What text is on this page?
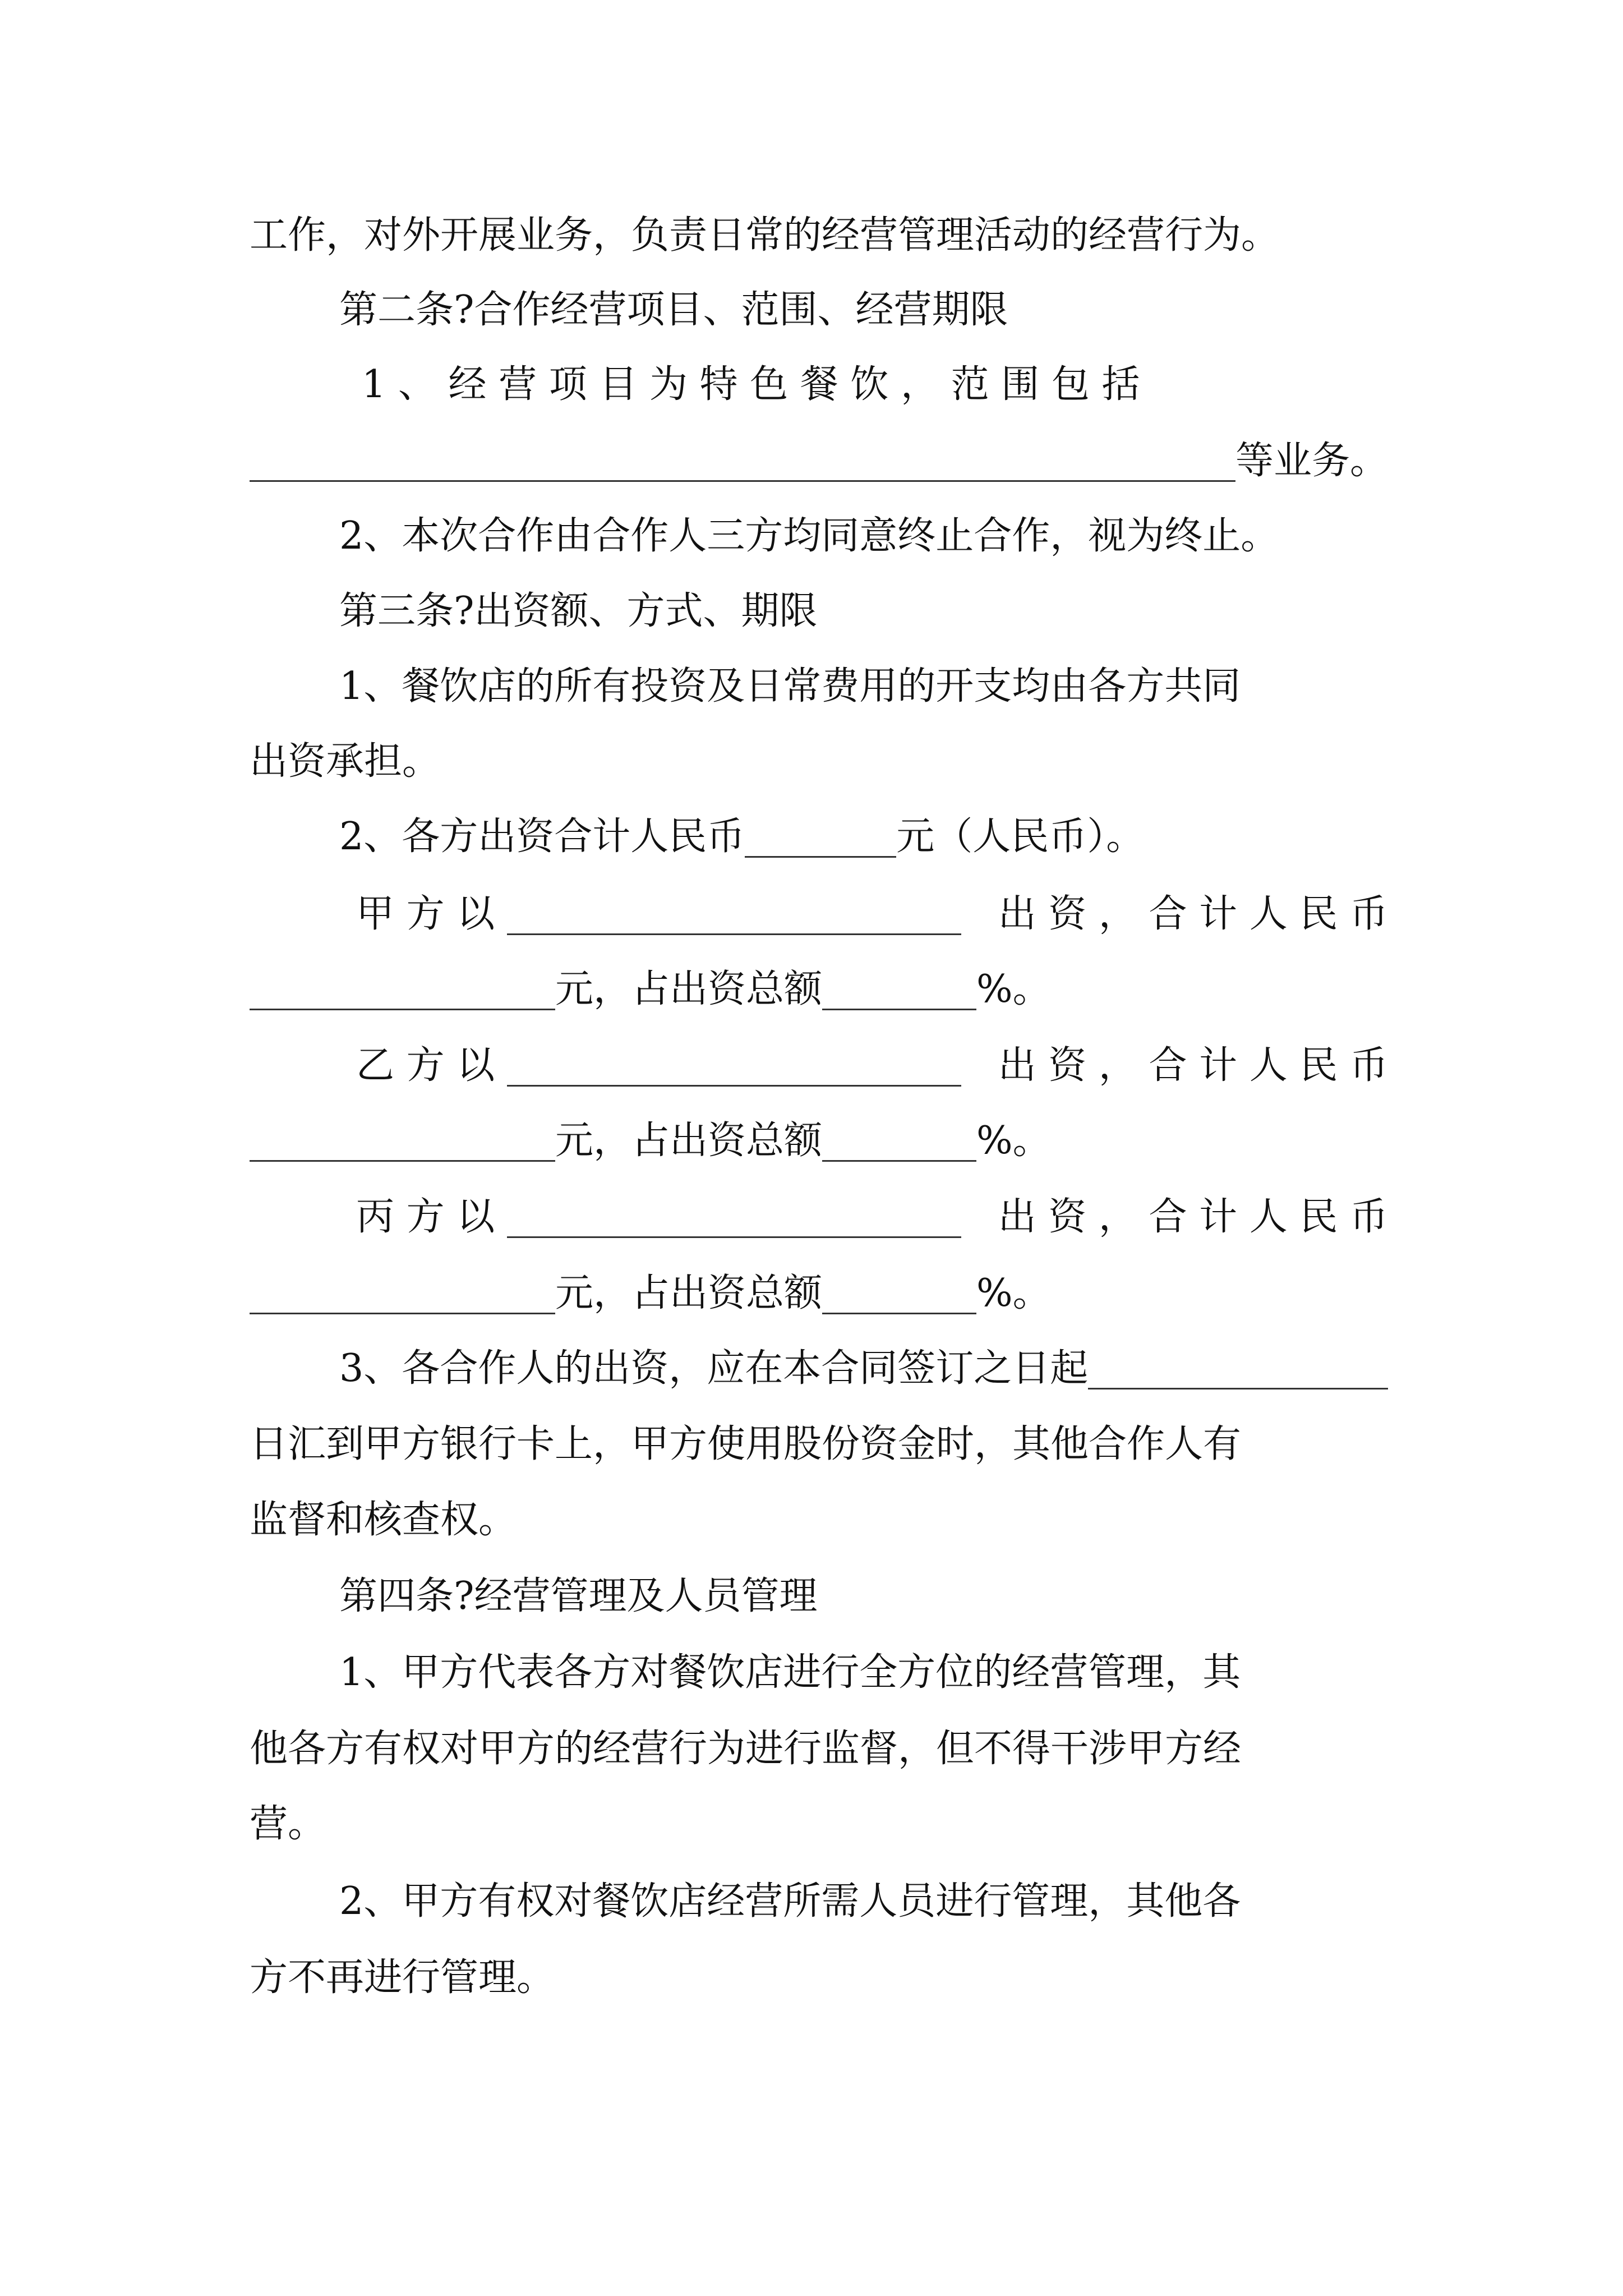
工作，对外开展业务，负责日常的经营管理活动的经营行为。
第二条?合作经营项目、范围、经营期限
1 、 经 营 项 目 为 特 色 餐 饮 ， 范 围 包 括
等业务。
2、本次合作由合作人三方均同意终止合作，视为终止。
第三条?出资额、方式、期限
1、餐饮店的所有投资及日常费用的开支均由各方共同
出资承担。
2、各方出资合计人民币	元（人民币）。
甲 方 以	出 资 ， 合 计 人 民 币
元，占出资总额	%。
乙 方 以	出 资 ， 合 计 人 民 币
元，占出资总额	%。
丙 方 以	出 资 ， 合 计 人 民 币
元，占出资总额	%。
3、各合作人的出资，应在本合同签订之日起
日汇到甲方银行卡上，甲方使用股份资金时，其他合作人有
监督和核查权。
第四条?经营管理及人员管理
1、甲方代表各方对餐饮店进行全方位的经营管理，其
他各方有权对甲方的经营行为进行监督，但不得干涉甲方经
营。
2、甲方有权对餐饮店经营所需人员进行管理，其他各
方不再进行管理。
